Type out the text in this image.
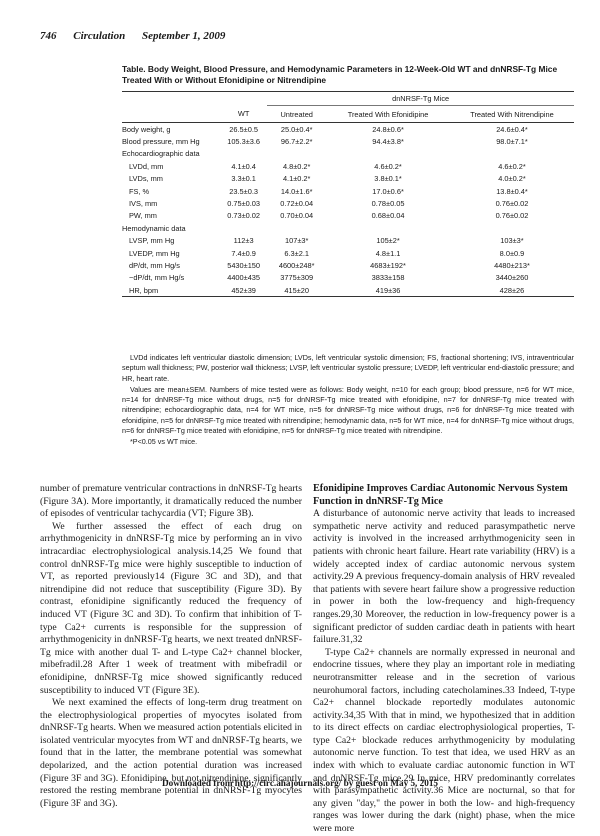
746 Circulation September 1, 2009
Table. Body Weight, Blood Pressure, and Hemodynamic Parameters in 12-Week-Old WT and dnNRSF-Tg Mice Treated With or Without Efonidipine or Nitrendipine
		dnNRSF-Tg Mice		
	WT	Untreated	Treated With Efonidipine	Treated With Nitrendipine
Body weight, g	26.5±0.5	25.0±0.4*	24.8±0.6*	24.6±0.4*
Blood pressure, mm Hg	105.3±3.6	96.7±2.2*	94.4±3.8*	98.0±7.1*
Echocardiographic data				
LVDd, mm	4.1±0.4	4.8±0.2*	4.6±0.2*	4.6±0.2*
LVDs, mm	3.3±0.1	4.1±0.2*	3.8±0.1*	4.0±0.2*
FS, %	23.5±0.3	14.0±1.6*	17.0±0.6*	13.8±0.4*
IVS, mm	0.75±0.03	0.72±0.04	0.78±0.05	0.76±0.02
PW, mm	0.73±0.02	0.70±0.04	0.68±0.04	0.76±0.02
Hemodynamic data				
LVSP, mm Hg	112±3	107±3*	105±2*	103±3*
LVEDP, mm Hg	7.4±0.9	6.3±2.1	4.8±1.1	8.0±0.9
dP/dt, mm Hg/s	5430±150	4600±248*	4683±192*	4480±213*
−dP/dt, mm Hg/s	4400±435	3775±309	3833±158	3440±260
HR, bpm	452±39	415±20	419±36	428±26

LVDd indicates left ventricular diastolic dimension; LVDs, left ventricular systolic dimension; FS, fractional shortening; IVS, intraventricular septum wall thickness; PW, posterior wall thickness; LVSP, left ventricular systolic pressure; LVEDP, left ventricular end-diastolic pressure; and HR, heart rate.

Values are mean±SEM. Numbers of mice tested were as follows: Body weight, n=10 for each group; blood pressure, n=6 for WT mice, n=14 for dnNRSF-Tg mice without drugs, n=5 for dnNRSF-Tg mice treated with efonidipine, n=7 for dnNRSF-Tg mice treated with nitrendipine; echocardiographic data, n=4 for WT mice, n=5 for dnNRSF-Tg mice without drugs, n=6 for dnNRSF-Tg mice treated with efonidipine, n=5 for dnNRSF-Tg mice treated with nitrendipine; hemodynamic data, n=5 for WT mice, n=4 for dnNRSF-Tg mice without drugs, n=6 for dnNRSF-Tg mice treated with efonidipine, n=5 for dnNRSF-Tg mice treated with nitrendipine.

*P<0.05 vs WT mice.

number of premature ventricular contractions in dnNRSF-Tg hearts (Figure 3A). More importantly, it dramatically reduced the number of episodes of ventricular tachycardia (VT; Figure 3B).

We further assessed the effect of each drug on arrhythmogenicity in dnNRSF-Tg mice by performing an in vivo intracardiac electrophysiological analysis.14,25 We found that control dnNRSF-Tg mice were highly susceptible to induction of VT, as reported previously14 (Figure 3C and 3D), and that nitrendipine did not reduce that susceptibility (Figure 3D). By contrast, efonidipine significantly reduced the frequency of induced VT (Figure 3C and 3D). To confirm that inhibition of T-type Ca2+ currents is responsible for the suppression of arrhythmogenicity in dnNRSF-Tg hearts, we next treated dnNRSF-Tg mice with another dual T- and L-type Ca2+ channel blocker, mibefradil.28 After 1 week of treatment with mibefradil or efonidipine, dnNRSF-Tg mice showed significantly reduced susceptibility to induced VT (Figure 3E).

We next examined the effects of long-term drug treatment on the electrophysiological properties of myocytes isolated from dnNRSF-Tg hearts. When we measured action potentials elicited in isolated ventricular myocytes from WT and dnNRSF-Tg hearts, we found that in the latter, the membrane potential was somewhat depolarized, and the action potential duration was increased (Figure 3F and 3G). Efonidipine, but not nitrendipine, significantly restored the resting membrane potential in dnNRSF-Tg myocytes (Figure 3F and 3G).

Efonidipine Improves Cardiac Autonomic Nervous System Function in dnNRSF-Tg Mice

A disturbance of autonomic nerve activity that leads to increased sympathetic nerve activity and reduced parasympathetic nerve activity is involved in the increased arrhythmogenicity seen in patients with chronic heart failure. Heart rate variability (HRV) is a widely accepted index of cardiac autonomic nervous system activity.29 A previous frequency-domain analysis of HRV revealed that patients with severe heart failure show a progressive reduction in power in both the low-frequency and high-frequency ranges.29,30 Moreover, the reduction in low-frequency power is a significant predictor of sudden cardiac death in patients with heart failure.31,32

T-type Ca2+ channels are normally expressed in neuronal and endocrine tissues, where they play an important role in mediating neurotransmitter release and in the secretion of various neurohumoral factors, including catecholamines.33 Indeed, T-type Ca2+ channel blockade reportedly modulates autonomic activity.34,35 With that in mind, we hypothesized that in addition to its direct effects on cardiac electrophysiological properties, T-type Ca2+ blockade reduces arrhythmogenicity by modulating autonomic nerve function. To test that idea, we used HRV as an index with which to evaluate cardiac autonomic function in WT and dnNRSF-Tg mice.29 In mice, HRV predominantly correlates with parasympathetic activity.36 Mice are nocturnal, so that for any given "day," the power in both the low- and high-frequency ranges was lower during the dark (night) phase, when the mice were more

Downloaded from http://circ.ahajournals.org/ by guest on May 5, 2015
